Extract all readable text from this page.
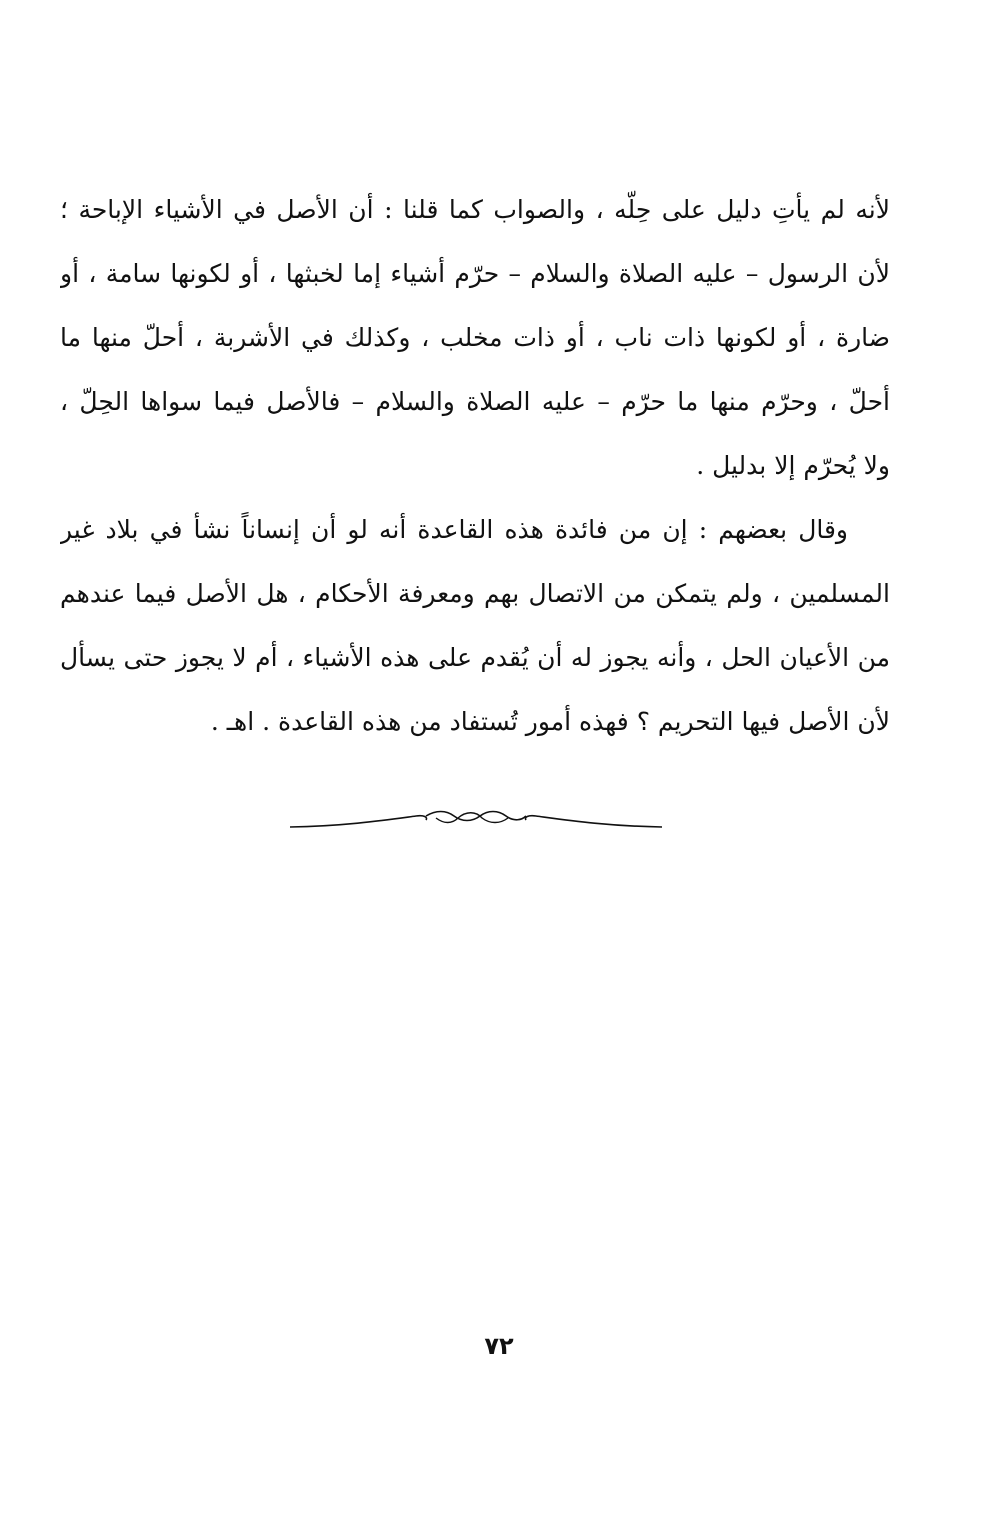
لأنه لم يأتِ دليل على حِلّه ، والصواب كما قلنا : أن الأصل في الأشياء الإباحة ؛
لأن الرسول – عليه الصلاة والسلام – حرّم أشياء إما لخبثها ، أو لكونها سامة ، أو
ضارة ، أو لكونها ذات ناب ، أو ذات مخلب ، وكذلك في الأشربة ، أحلّ منها ما
أحلّ ، وحرّم منها ما حرّم – عليه الصلاة والسلام – فالأصل فيما سواها الحِلّ ،
ولا يُحرّم إلا بدليل .
وقال بعضهم : إن من فائدة هذه القاعدة أنه لو أن إنساناً نشأ في بلاد غير
المسلمين ، ولم يتمكن من الاتصال بهم ومعرفة الأحكام ، هل الأصل فيما عندهم
من الأعيان الحل ، وأنه يجوز له أن يُقدم على هذه الأشياء ، أم لا يجوز حتى يسأل
لأن الأصل فيها التحريم ؟ فهذه أمور تُستفاد من هذه القاعدة . اهـ .
٧٢
